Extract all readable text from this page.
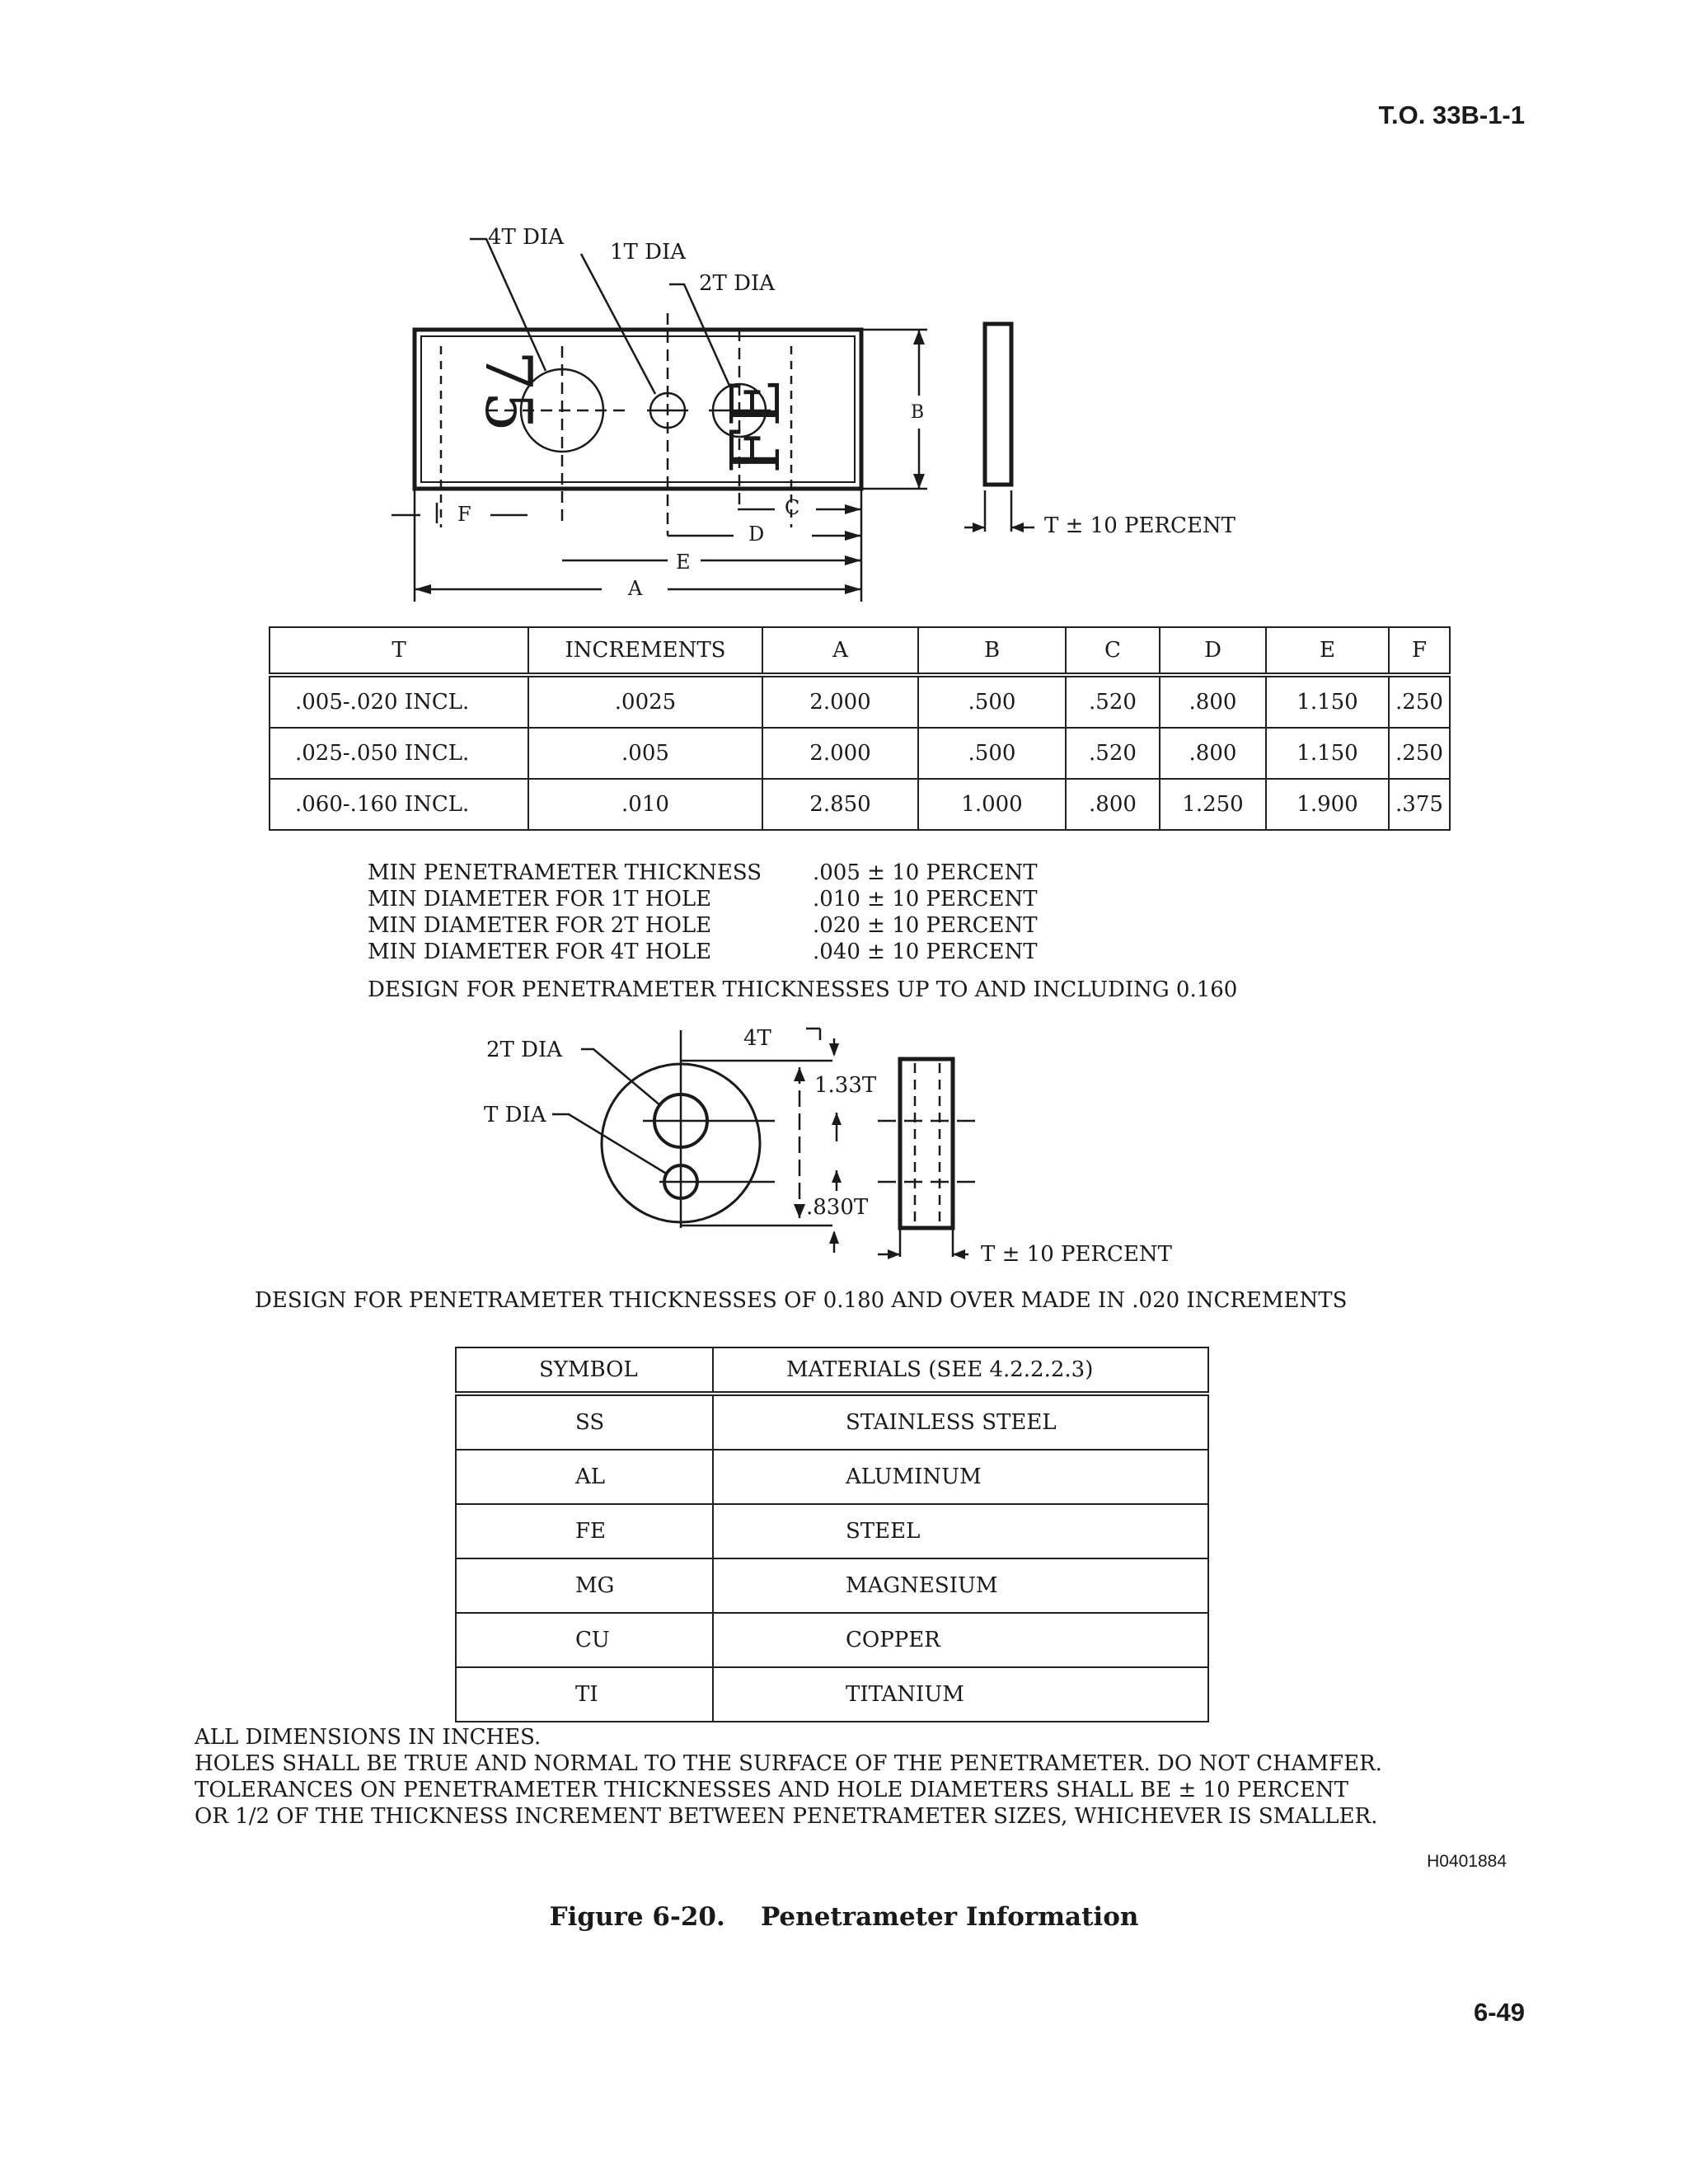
T.O. 33B-1-1
75	FE
4T DIA
1T DIA
2T DIA
B
F	C
D
E
A
T ± 10 PERCENT
T	INCREMENTS	A	B	C	D	E	F
.005-.020 INCL.	.0025	2.000	.500	.520	.800	1.150	.250
.025-.050 INCL.	.005	2.000	.500	.520	.800	1.150	.250
.060-.160 INCL.	.010	2.850	1.000	.800	1.250	1.900	.375
MIN PENETRAMETER THICKNESS	.005 ± 10 PERCENT
MIN DIAMETER FOR 1T HOLE	.010 ± 10 PERCENT
MIN DIAMETER FOR 2T HOLE	.020 ± 10 PERCENT
MIN DIAMETER FOR 4T HOLE	.040 ± 10 PERCENT
DESIGN FOR PENETRAMETER THICKNESSES UP TO AND INCLUDING 0.160
2T DIA
T DIA
4T
1.33T
.830T
T ± 10 PERCENT
DESIGN FOR PENETRAMETER THICKNESSES OF 0.180 AND OVER MADE IN .020 INCREMENTS
SYMBOL	MATERIALS (SEE 4.2.2.2.3)
SS	STAINLESS STEEL
AL	ALUMINUM
FE	STEEL
MG	MAGNESIUM
CU	COPPER
TI	TITANIUM
ALL DIMENSIONS IN INCHES.
HOLES SHALL BE TRUE AND NORMAL TO THE SURFACE OF THE PENETRAMETER. DO NOT CHAMFER.
TOLERANCES ON PENETRAMETER THICKNESSES AND HOLE DIAMETERS SHALL BE ± 10 PERCENT
OR 1/2 OF THE THICKNESS INCREMENT BETWEEN PENETRAMETER SIZES, WHICHEVER IS SMALLER.
H0401884
Figure 6-20.    Penetrameter Information
6-49
